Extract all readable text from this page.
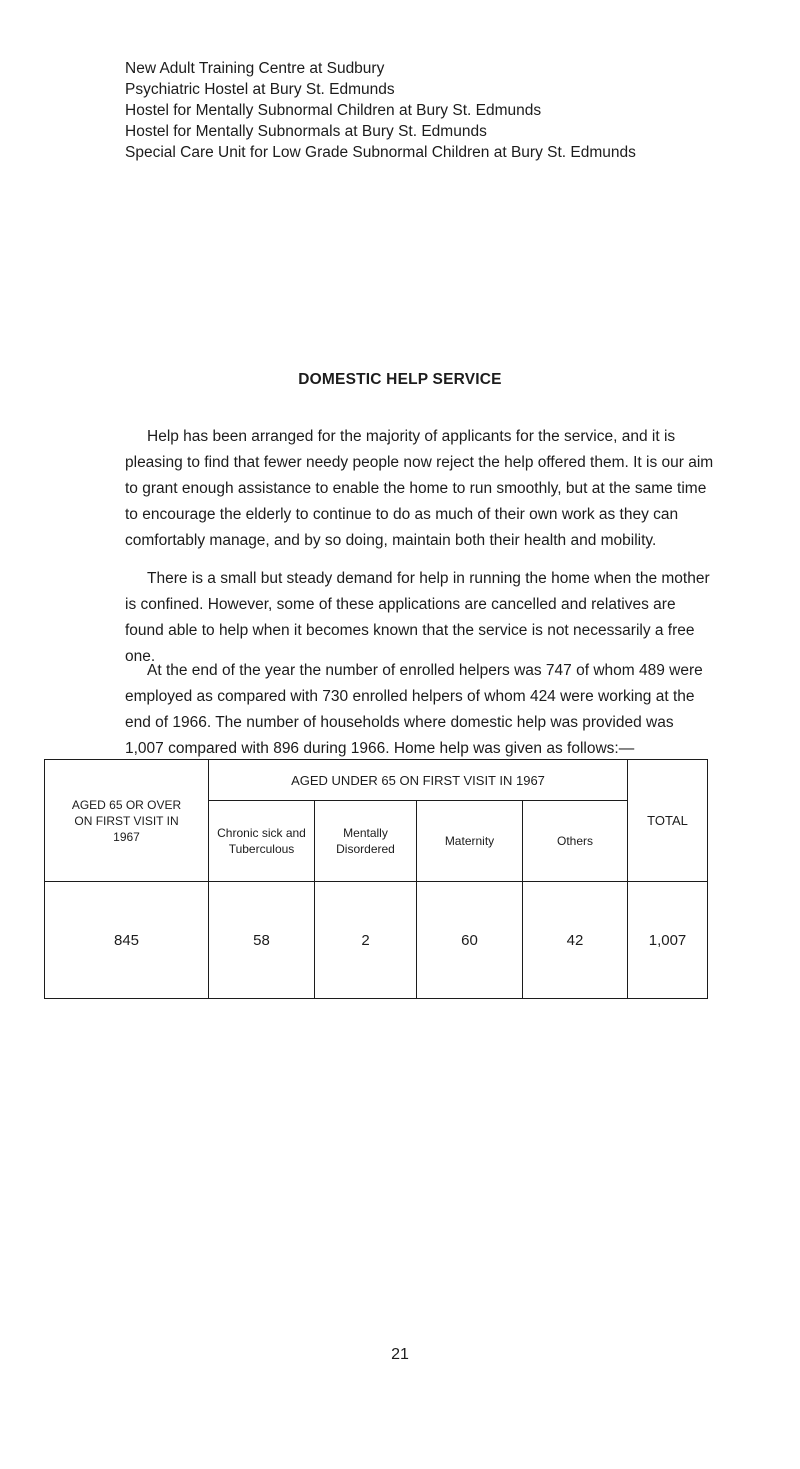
New Adult Training Centre at Sudbury
Psychiatric Hostel at Bury St. Edmunds
Hostel for Mentally Subnormal Children at Bury St. Edmunds
Hostel for Mentally Subnormals at Bury St. Edmunds
Special Care Unit for Low Grade Subnormal Children at Bury St. Edmunds
DOMESTIC HELP SERVICE

Help has been arranged for the majority of applicants for the service, and it is pleasing to find that fewer needy people now reject the help offered them. It is our aim to grant enough assistance to enable the home to run smoothly, but at the same time to encourage the elderly to continue to do as much of their own work as they can comfortably manage, and by so doing, maintain both their health and mobility.

There is a small but steady demand for help in running the home when the mother is confined. However, some of these applications are cancelled and relatives are found able to help when it becomes known that the service is not necessarily a free one.

At the end of the year the number of enrolled helpers was 747 of whom 489 were employed as compared with 730 enrolled helpers of whom 424 were working at the end of 1966. The number of households where domestic help was provided was 1,007 compared with 896 during 1966. Home help was given as follows:—

AGED 65 OR OVER ON FIRST VISIT IN 1967	AGED UNDER 65 ON FIRST VISIT IN 1967				TOTAL

	Chronic sick and Tuberculous	Mentally Disordered	Maternity	Others	
845	58	2	60	42	1,007
21
